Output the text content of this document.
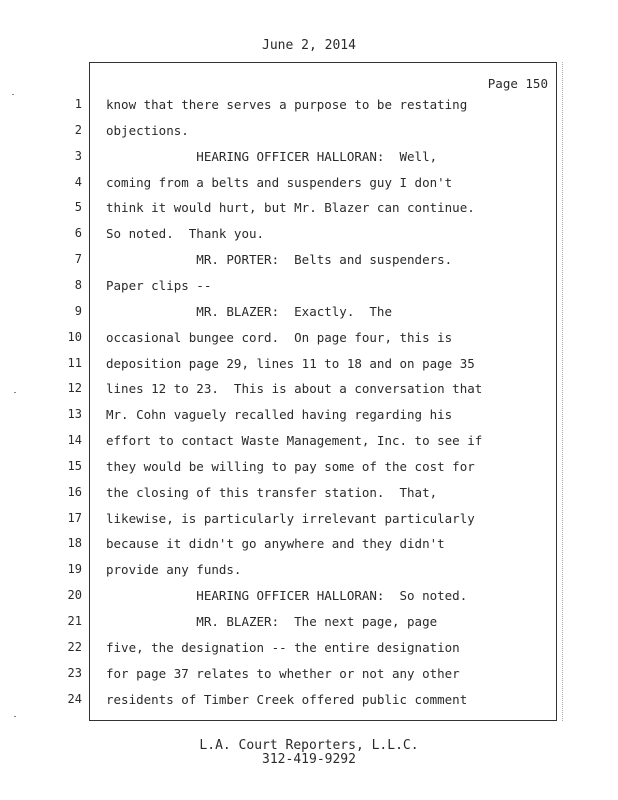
June 2, 2014
Page 150
1 know that there serves a purpose to be restating
2 objections.
3 HEARING OFFICER HALLORAN:  Well,
4 coming from a belts and suspenders guy I don't
5 think it would hurt, but Mr. Blazer can continue.
6 So noted.  Thank you.
7 MR. PORTER:  Belts and suspenders.
8 Paper clips --
9 MR. BLAZER:  Exactly.  The
10 occasional bungee cord.  On page four, this is
11 deposition page 29, lines 11 to 18 and on page 35
12 lines 12 to 23.  This is about a conversation that
13 Mr. Cohn vaguely recalled having regarding his
14 effort to contact Waste Management, Inc. to see if
15 they would be willing to pay some of the cost for
16 the closing of this transfer station.  That,
17 likewise, is particularly irrelevant particularly
18 because it didn't go anywhere and they didn't
19 provide any funds.
20 HEARING OFFICER HALLORAN:  So noted.
21 MR. BLAZER:  The next page, page
22 five, the designation -- the entire designation
23 for page 37 relates to whether or not any other
24 residents of Timber Creek offered public comment
L.A. Court Reporters, L.L.C.
312-419-9292
